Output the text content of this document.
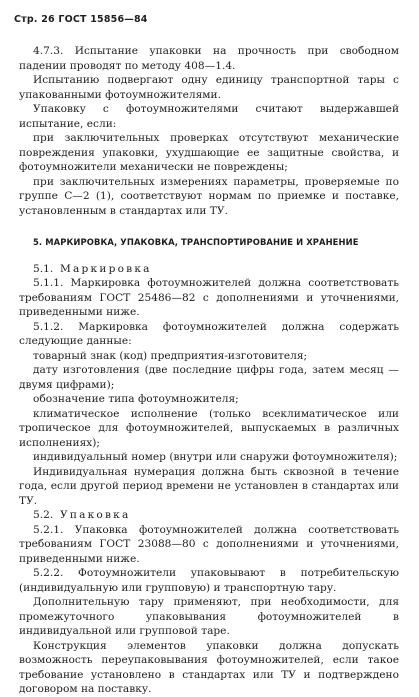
Стр. 26 ГОСТ 15856—84

4.7.3. Испытание упаковки на прочность при свободном падении проводят по методу 408—1.4.

Испытанию подвергают одну единицу транспортной тары с упакованными фотоумножителями.

Упаковку с фотоумножителями считают выдержавшей испытание, если:

при заключительных проверках отсутствуют механические повреждения упаковки, ухудшающие ее защитные свойства, и фотоумножители механически не повреждены;

при заключительных измерениях параметры, проверяемые по группе С—2 (1), соответствуют нормам по приемке и поставке, установленным в стандартах или ТУ.

5. МАРКИРОВКА, УПАКОВКА, ТРАНСПОРТИРОВАНИЕ И ХРАНЕНИЕ

5.1. Маркировка

5.1.1. Маркировка фотоумножителей должна соответствовать требованиям ГОСТ 25486—82 с дополнениями и уточнениями, приведенными ниже.

5.1.2. Маркировка фотоумножителей должна содержать следующие данные:

товарный знак (код) предприятия-изготовителя;

дату изготовления (две последние цифры года, затем месяц — двумя цифрами);

обозначение типа фотоумножителя;

климатическое исполнение (только всеклиматическое или тропическое для фотоумножителей, выпускаемых в различных исполнениях);

индивидуальный номер (внутри или снаружи фотоумножителя);

Индивидуальная нумерация должна быть сквозной в течение года, если другой период времени не установлен в стандартах или ТУ.

5.2. Упаковка

5.2.1. Упаковка фотоумножителей должна соответствовать требованиям ГОСТ 23088—80 с дополнениями и уточнениями, приведенными ниже.

5.2.2. Фотоумножители упаковывают в потребительскую (индивидуальную или групповую) и транспортную тару.

Дополнительную тару применяют, при необходимости, для промежуточного упаковывания фотоумножителей в индивидуальной или групповой таре.

Конструкция элементов упаковки должна допускать возможность переупаковывания фотоумножителей, если такое требование установлено в стандартах или ТУ и подтверждено договором на поставку.
